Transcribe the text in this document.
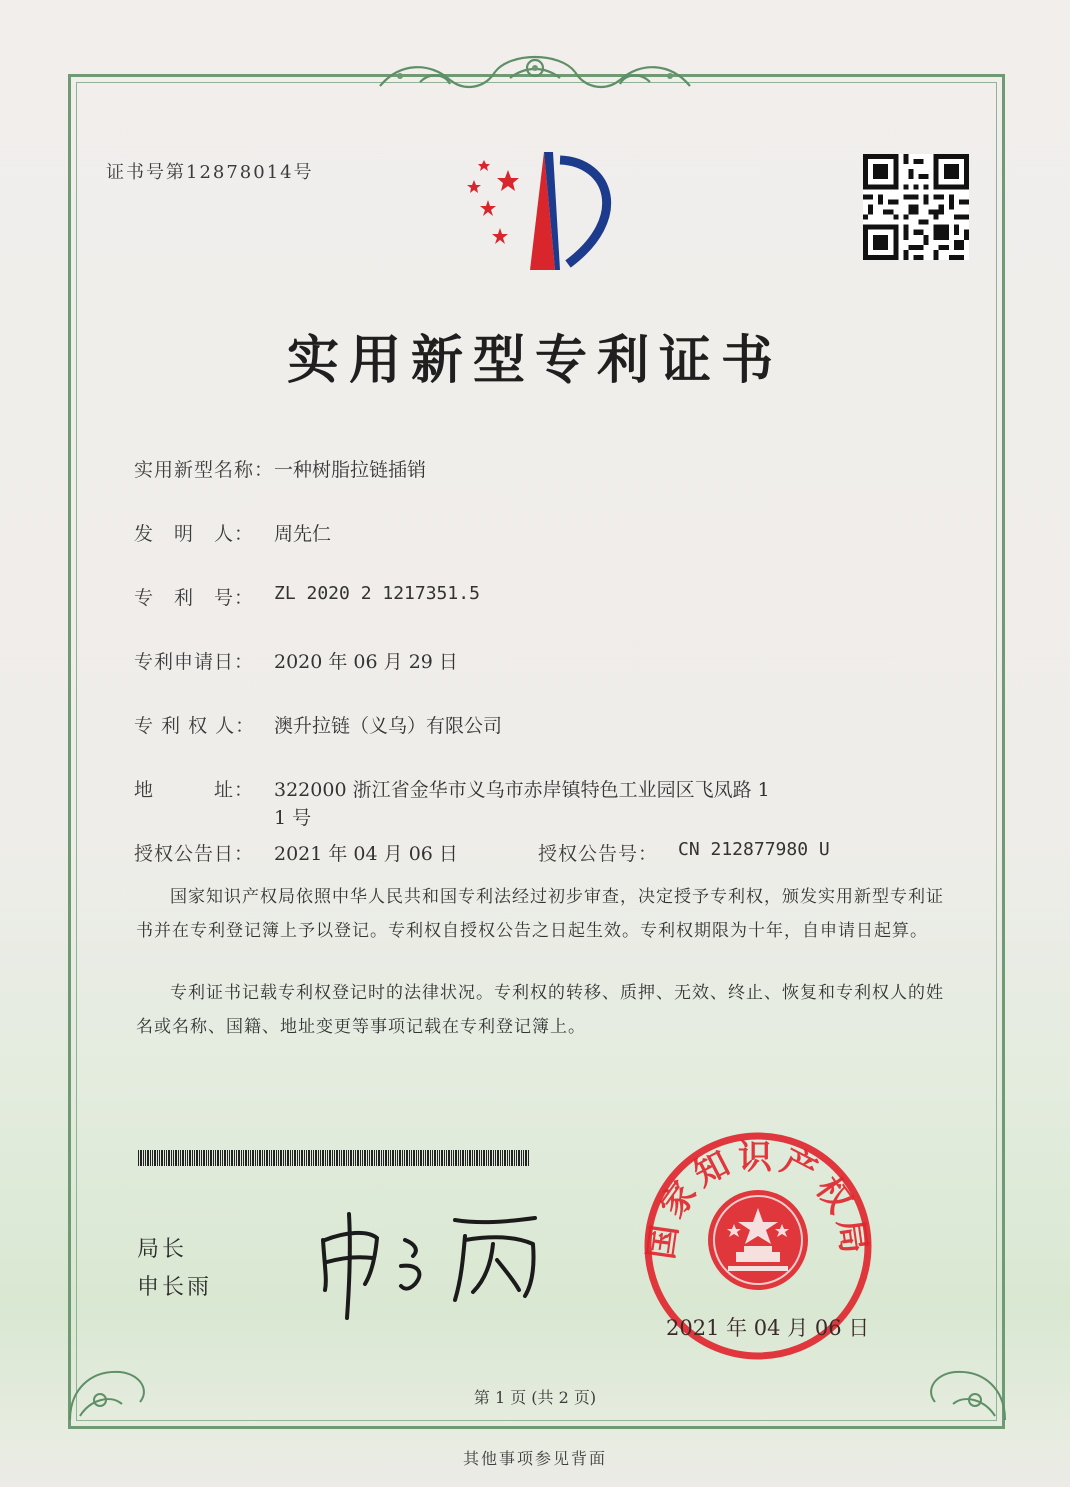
证书号第12878014号
实用新型专利证书
实用新型名称： 一种树脂拉链插销
发　明　人： 周先仁
专　利　号： ZL 2020 2 1217351.5
专利申请日： 2020 年 06 月 29 日
专 利 权 人： 澳升拉链（义乌）有限公司
地　　　址： 322000 浙江省金华市义乌市赤岸镇特色工业园区飞凤路 1
1 号
授权公告日： 2021 年 04 月 06 日	授权公告号： CN 212877980 U
国家知识产权局依照中华人民共和国专利法经过初步审查，决定授予专利权，颁发实用新型专利证书并在专利登记簿上予以登记。专利权自授权公告之日起生效。专利权期限为十年，自申请日起算。
专利证书记载专利权登记时的法律状况。专利权的转移、质押、无效、终止、恢复和专利权人的姓名或名称、国籍、地址变更等事项记载在专利登记簿上。
局长
申长雨
国家知识产权局
2021 年 04 月 06 日
第 1 页 (共 2 页)
其他事项参见背面
